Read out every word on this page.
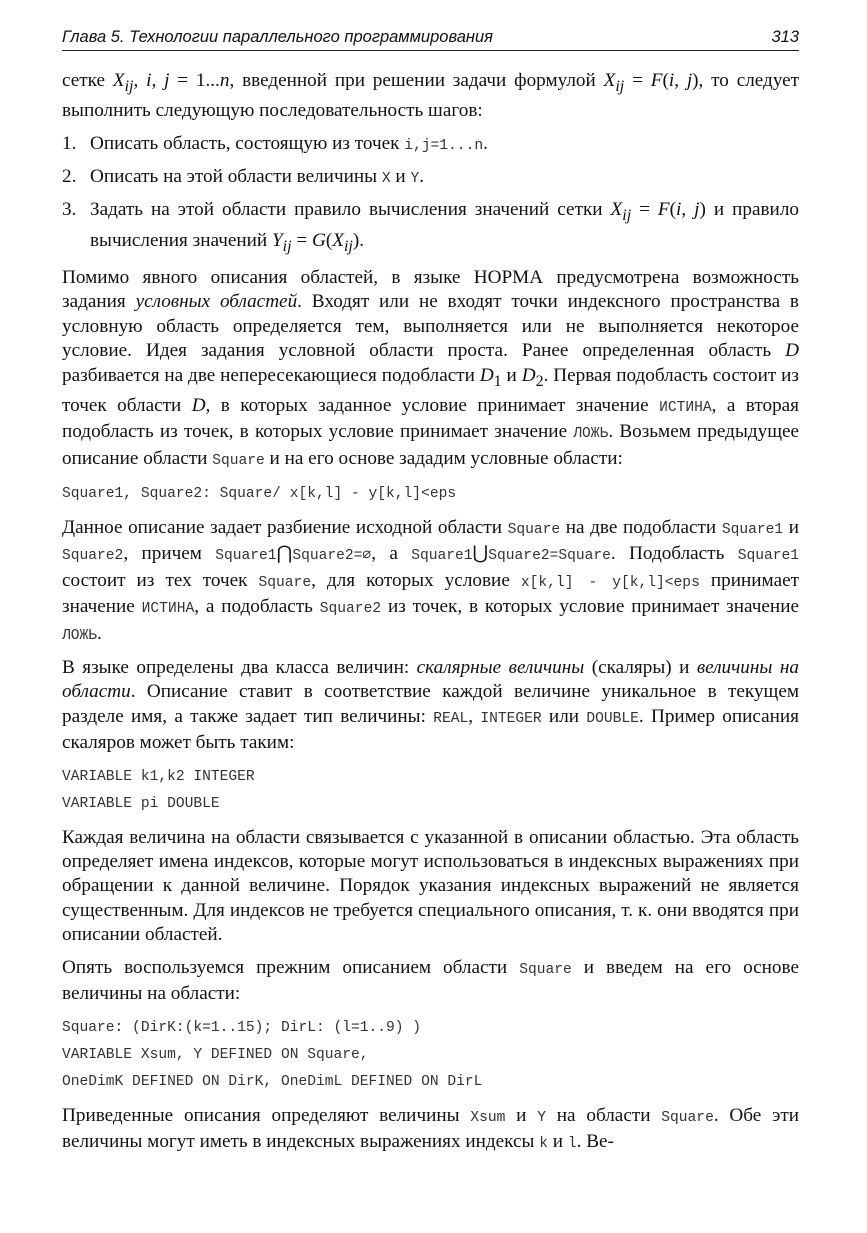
Глава 5. Технологии параллельного программирования	313

сетке $X_{ij}$, i, j = 1...n, введенной при решении задачи формулой $X_{ij} = F(i$, j), то следует выполнить следующую последовательность шагов:

1. Описать область, состоящую из точек i,j=1...n.
2. Описать на этой области величины X и Y.
3. Задать на этой области правило вычисления значений сетки $X_{ij} = F(i$, j) и правило вычисления значений $Y_{ij} = G(X_{ij})$.

Помимо явного описания областей, в языке НОРМА предусмотрена возможность задания условных областей. Входят или не входят точки индексного пространства в условную область определяется тем, выполняется или не выполняется некоторое условие. Идея задания условной области проста. Ранее определенная область D разбивается на две непересекающиеся подобласти $D_1$ и $D_2$. Первая подобласть состоит из точек области D, в которых заданное условие принимает значение ИСТИНА, а вторая подобласть из точек, в которых условие принимает значение ЛОЖЬ. Возьмем предыдущее описание области Square и на его основе зададим условные области:

Square1, Square2: Square/ x[k,l] - y[k,l]<eps

Данное описание задает разбиение исходной области Square на две подобласти Square1 и Square2, причем Square1⋂Square2=∅, а Square1⋃Square2=Square. Подобласть Square1 состоит из тех точек Square, для которых условие x[k,l] - y[k,l]<eps принимает значение ИСТИНА, а подобласть Square2 из точек, в которых условие принимает значение ЛОЖЬ.

В языке определены два класса величин: скалярные величины (скаляры) и величины на области. Описание ставит в соответствие каждой величине уникальное в текущем разделе имя, а также задает тип величины: REAL, INTEGER или DOUBLE. Пример описания скаляров может быть таким:

VARIABLE k1,k2 INTEGER
VARIABLE pi DOUBLE

Каждая величина на области связывается с указанной в описании областью. Эта область определяет имена индексов, которые могут использоваться в индексных выражениях при обращении к данной величине. Порядок указания индексных выражений не является существенным. Для индексов не требуется специального описания, т. к. они вводятся при описании областей.

Опять воспользуемся прежним описанием области Square и введем на его основе величины на области:

Square: (DirK:(k=1..15); DirL: (l=1..9) )
VARIABLE Xsum, Y DEFINED ON Square,
OneDimK DEFINED ON DirK, OneDimL DEFINED ON DirL

Приведенные описания определяют величины Xsum и Y на области Square. Обе эти величины могут иметь в индексных выражениях индексы k и l. Ве-
